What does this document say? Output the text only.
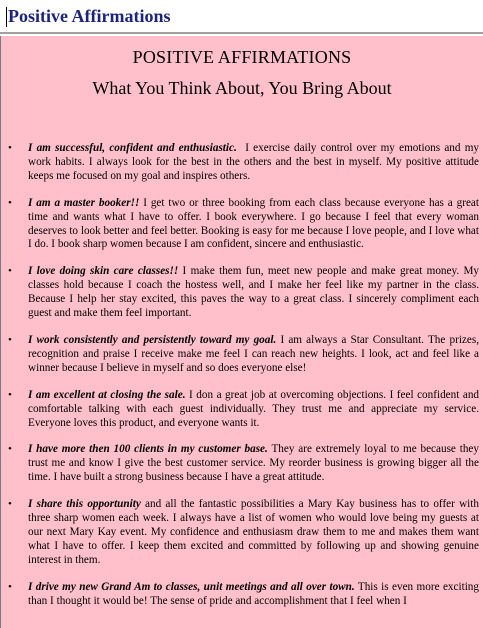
Positive Affirmations
POSITIVE AFFIRMATIONS
What You Think About, You Bring About
• I am successful, confident and enthusiastic. I exercise daily control over my emotions and my work habits. I always look for the best in the others and the best in myself. My positive attitude keeps me focused on my goal and inspires others.
• I am a master booker!! I get two or three booking from each class because everyone has a great time and wants what I have to offer. I book everywhere. I go because I feel that every woman deserves to look better and feel better. Booking is easy for me because I love people, and I love what I do. I book sharp women because I am confident, sincere and enthusiastic.
• I love doing skin care classes!! I make them fun, meet new people and make great money. My classes hold because I coach the hostess well, and I make her feel like my partner in the class. Because I help her stay excited, this paves the way to a great class. I sincerely compliment each guest and make them feel important.
• I work consistently and persistently toward my goal. I am always a Star Consultant. The prizes, recognition and praise I receive make me feel I can reach new heights. I look, act and feel like a winner because I believe in myself and so does everyone else!
• I am excellent at closing the sale. I don a great job at overcoming objections. I feel confident and comfortable talking with each guest individually. They trust me and appreciate my service. Everyone loves this product, and everyone wants it.
• I have more then 100 clients in my customer base. They are extremely loyal to me because they trust me and know I give the best customer service. My reorder business is growing bigger all the time. I have built a strong business because I have a great attitude.
• I share this opportunity and all the fantastic possibilities a Mary Kay business has to offer with three sharp women each week. I always have a list of women who would love being my guests at our next Mary Kay event. My confidence and enthusiasm draw them to me and makes them want what I have to offer. I keep them excited and committed by following up and showing genuine interest in them.
• I drive my new Grand Am to classes, unit meetings and all over town. This is even more exciting than I thought it would be! The sense of pride and accomplishment that I feel when I
